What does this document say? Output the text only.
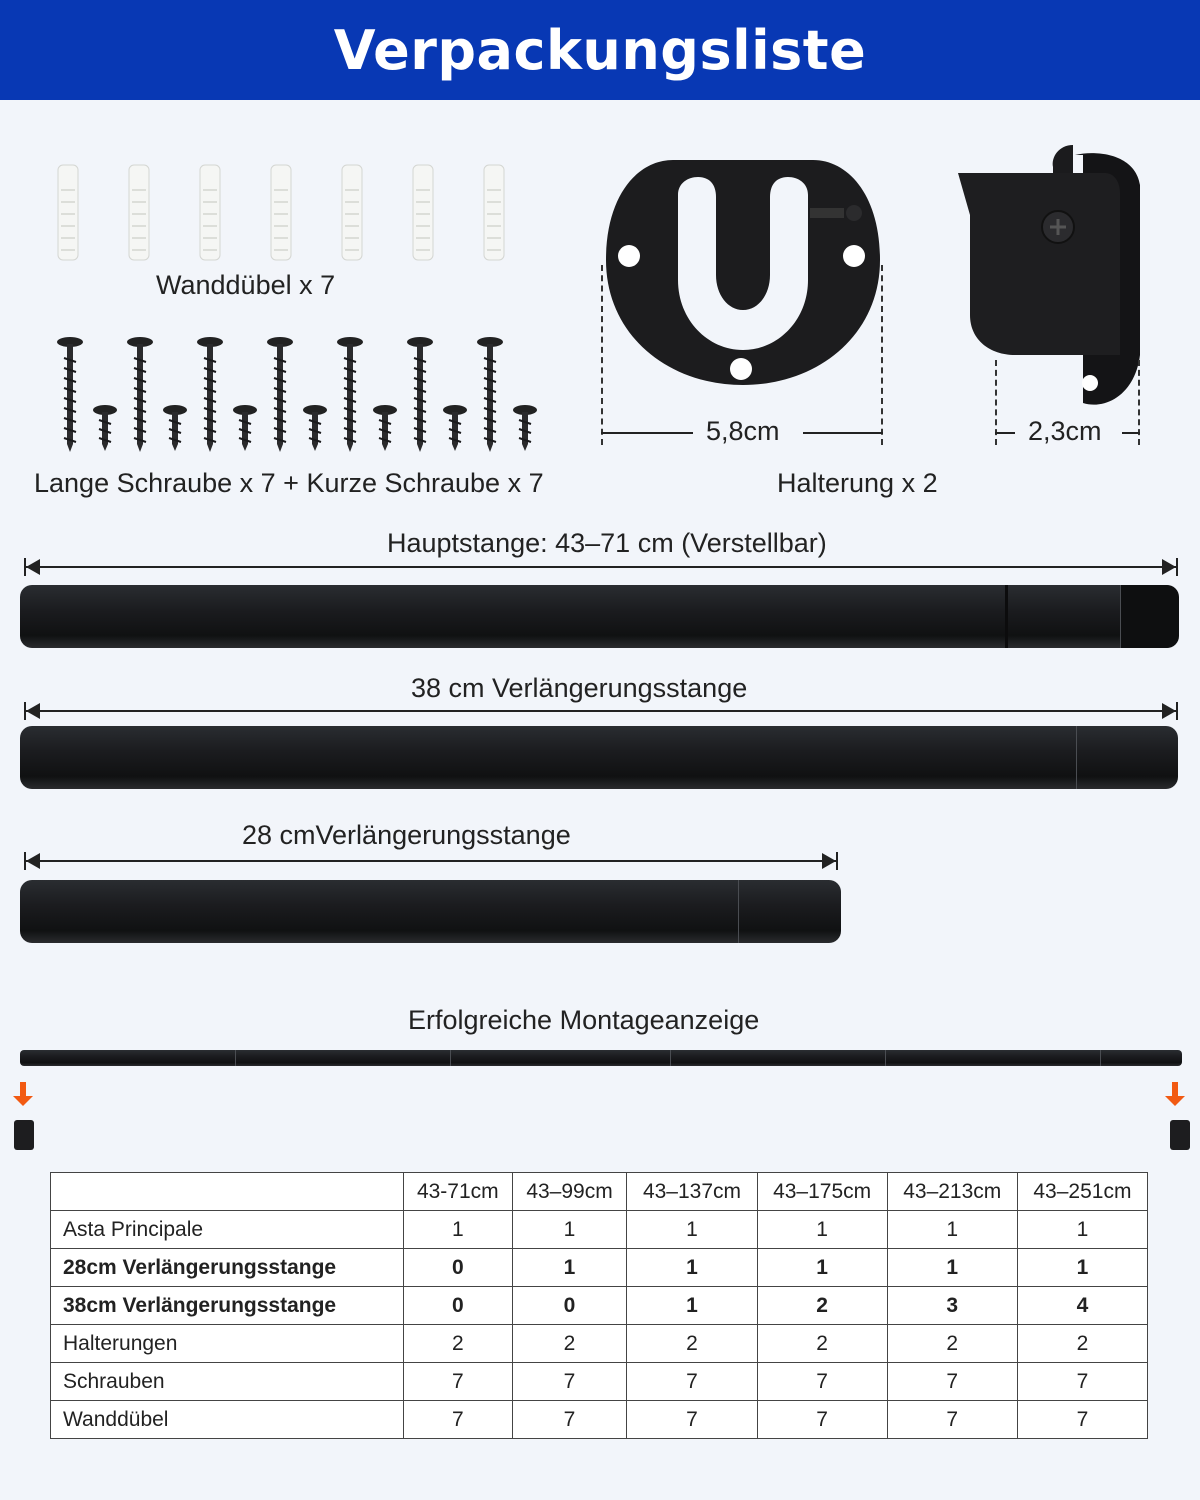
Verpackungsliste
Wanddübel x 7
Lange Schraube x 7 + Kurze Schraube x 7
5,8cm	2,3cm
Halterung x 2
Hauptstange: 43–71 cm (Verstellbar)
38 cm Verlängerungsstange
28 cmVerlängerungsstange
Erfolgreiche Montageanzeige
	43-71cm	43–99cm	43–137cm	43–175cm	43–213cm	43–251cm
Asta Principale	1	1	1	1	1	1
28cm Verlängerungsstange	0	1	1	1	1	1
38cm Verlängerungsstange	0	0	1	2	3	4
Halterungen	2	2	2	2	2	2
Schrauben	7	7	7	7	7	7
Wanddübel	7	7	7	7	7	7
